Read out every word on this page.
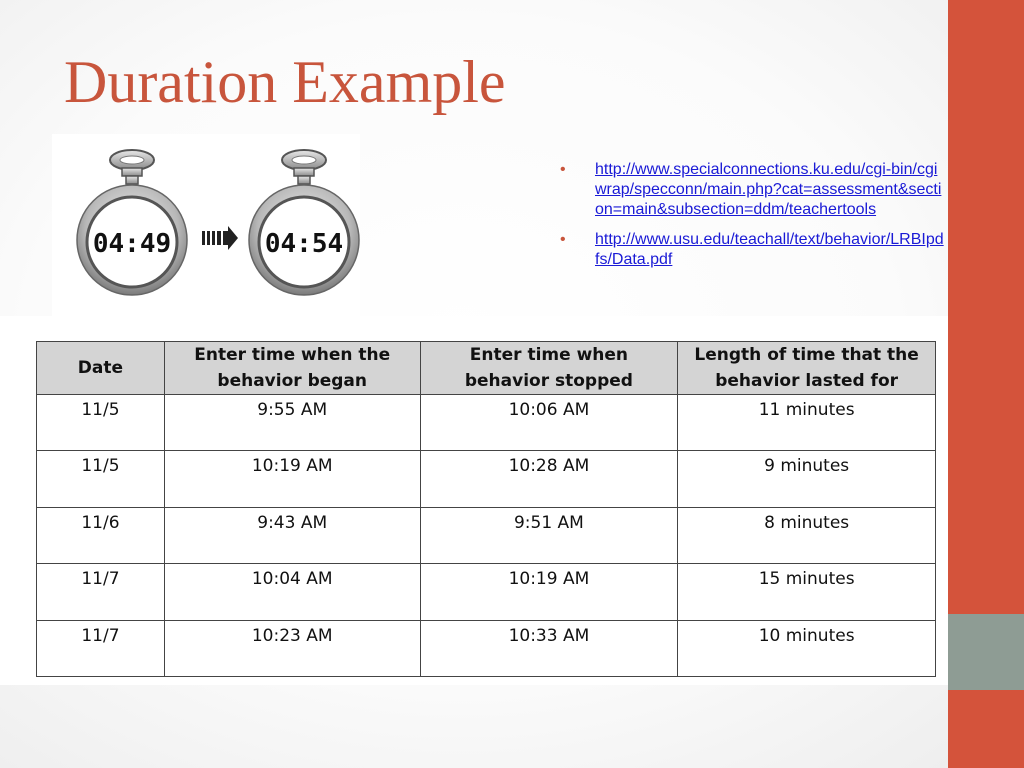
Duration Example
04:49	04:54
• http://www.specialconnections.ku.edu/cgi-bin/cgiwrap/specconn/main.php?cat=assessment&section=main&subsection=ddm/teachertools
• http://www.usu.edu/teachall/text/behavior/LRBIpdfs/Data.pdf
Date	Enter time when the behavior began	Enter time when behavior stopped	Length of time that the behavior lasted for
11/5	9:55 AM	10:06 AM	11 minutes
11/5	10:19 AM	10:28 AM	9 minutes
11/6	9:43 AM	9:51 AM	8 minutes
11/7	10:04 AM	10:19 AM	15 minutes
11/7	10:23 AM	10:33 AM	10 minutes
